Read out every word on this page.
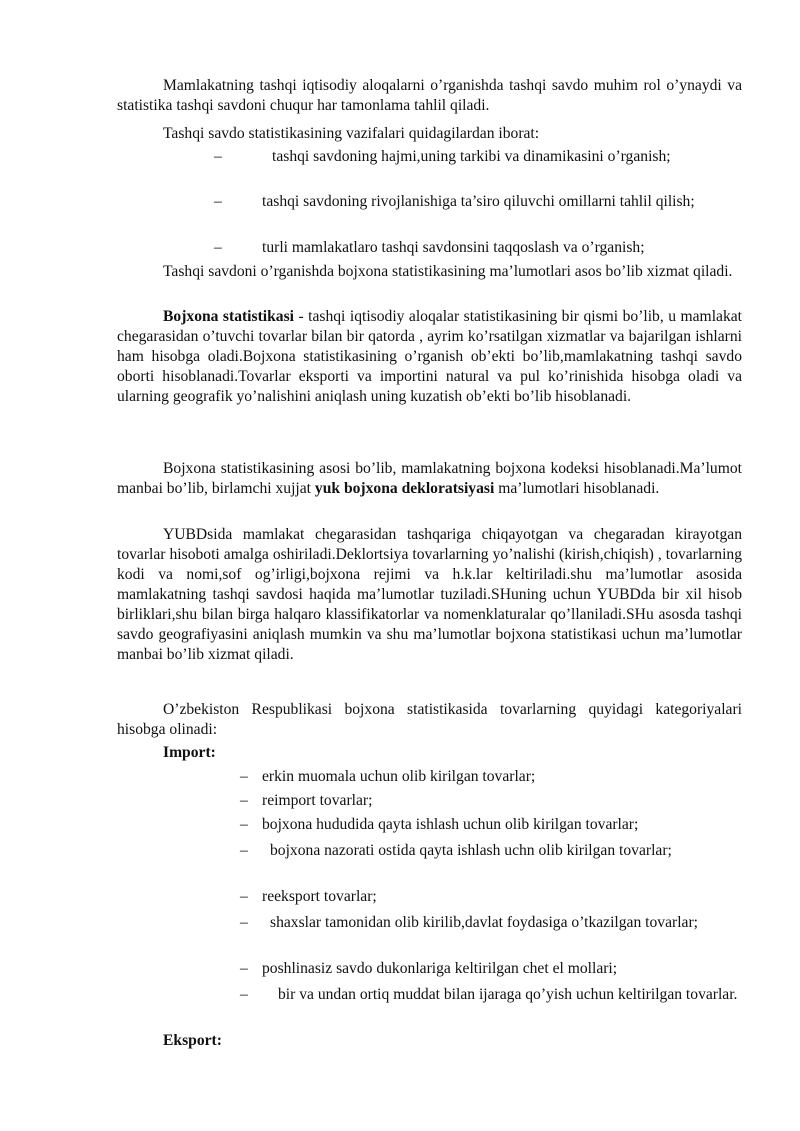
Mamlakatning tashqi iqtisodiy aloqalarni o’rganishda tashqi savdo muhim rol o’ynaydi va statistika tashqi savdoni chuqur har tamonlama tahlil qiladi.

Tashqi savdo statistikasining vazifalari quidagilardan iborat:

–	tashqi savdoning hajmi,uning tarkibi va dinamikasini o’rganish;

–	tashqi savdoning rivojlanishiga ta’siro qiluvchi omillarni tahlil qilish;

–	turli mamlakatlaro tashqi savdonsini taqqoslash va o’rganish;

Tashqi savdoni o’rganishda bojxona statistikasining ma’lumotlari asos bo’lib xizmat qiladi.

Bojxona statistikasi - tashqi iqtisodiy aloqalar statistikasining bir qismi bo’lib, u mamlakat chegarasidan o’tuvchi tovarlar bilan bir qatorda , ayrim ko’rsatilgan xizmatlar va bajarilgan ishlarni ham hisobga oladi.Bojxona statistikasining o’rganish ob’ekti bo’lib,mamlakatning tashqi savdo oborti hisoblanadi.Tovarlar eksporti va importini natural va pul ko’rinishida hisobga oladi va ularning geografik yo’nalishini aniqlash uning kuzatish ob’ekti bo’lib hisoblanadi.

Bojxona statistikasining asosi bo’lib, mamlakatning bojxona kodeksi hisoblanadi.Ma’lumot manbai bo’lib, birlamchi xujjat yuk bojxona dekloratsiyasi ma’lumotlari hisoblanadi.

YUBDsida mamlakat chegarasidan tashqariga chiqayotgan va chegaradan kirayotgan tovarlar hisoboti amalga oshiriladi.Deklortsiya tovarlarning yo’nalishi (kirish,chiqish) , tovarlarning kodi va nomi,sof og’irligi,bojxona rejimi va h.k.lar keltiriladi.shu ma’lumotlar asosida mamlakatning tashqi savdosi haqida ma’lumotlar tuziladi.SHuning uchun YUBDda bir xil hisob birliklari,shu bilan birga halqaro klassifikatorlar va nomenklaturalar qo’llaniladi.SHu asosda tashqi savdo geografiyasini aniqlash mumkin va shu ma’lumotlar bojxona statistikasi uchun ma’lumotlar manbai bo’lib xizmat qiladi.

O’zbekiston Respublikasi bojxona statistikasida tovarlarning quyidagi kategoriyalari hisobga olinadi:

Import:

– erkin muomala uchun olib kirilgan tovarlar;

– reimport tovarlar;

– bojxona hududida qayta ishlash uchun olib kirilgan tovarlar;

– bojxona nazorati ostida qayta ishlash uchn olib kirilgan tovarlar;

– reeksport tovarlar;

– shaxslar tamonidan olib kirilib,davlat foydasiga o’tkazilgan tovarlar;

– poshlinasiz savdo dukonlariga keltirilgan chet el mollari;

– bir va undan ortiq muddat bilan ijaraga qo’yish uchun keltirilgan tovarlar.

Eksport:
